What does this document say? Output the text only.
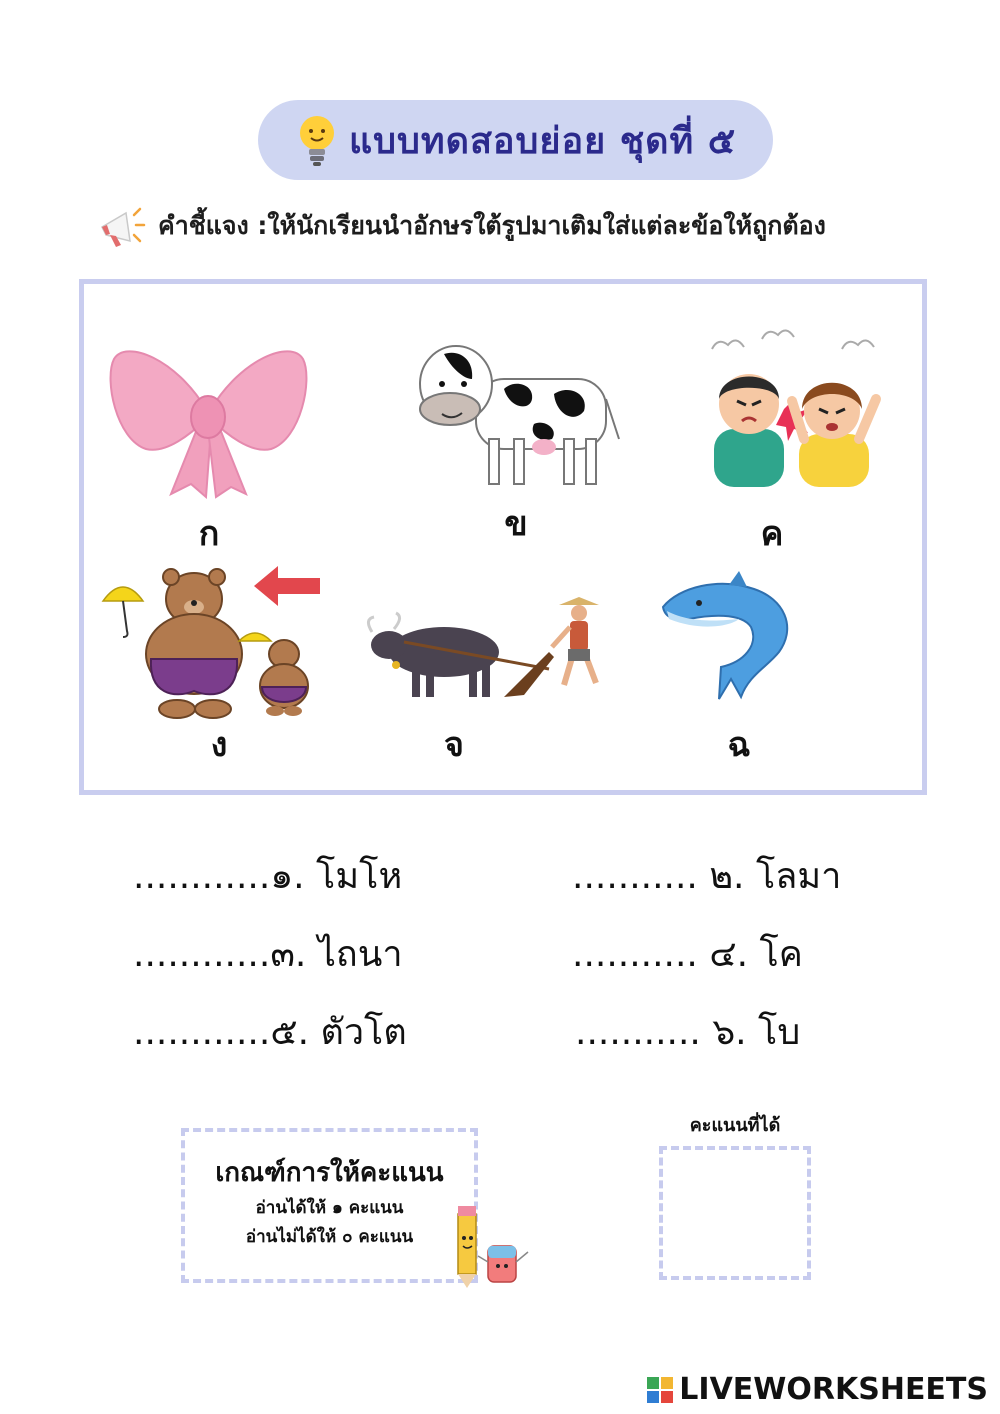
แบบทดสอบย่อย ชุดที่ ๕
คำชี้แจง :ให้นักเรียนนำอักษรใต้รูปมาเติมใส่แต่ละข้อให้ถูกต้อง
ก	ข	ค
ง	จ	ฉ
............๑. โมโห	........... ๒. โลมา
............๓. ไถนา	........... ๔. โค
............๕. ตัวโต	........... ๖. โบ
เกณฑ์การให้คะแนน
อ่านได้ให้ ๑ คะแนน
อ่านไม่ได้ให้ ๐ คะแนน
คะแนนที่ได้
LIVEWORKSHEETS
